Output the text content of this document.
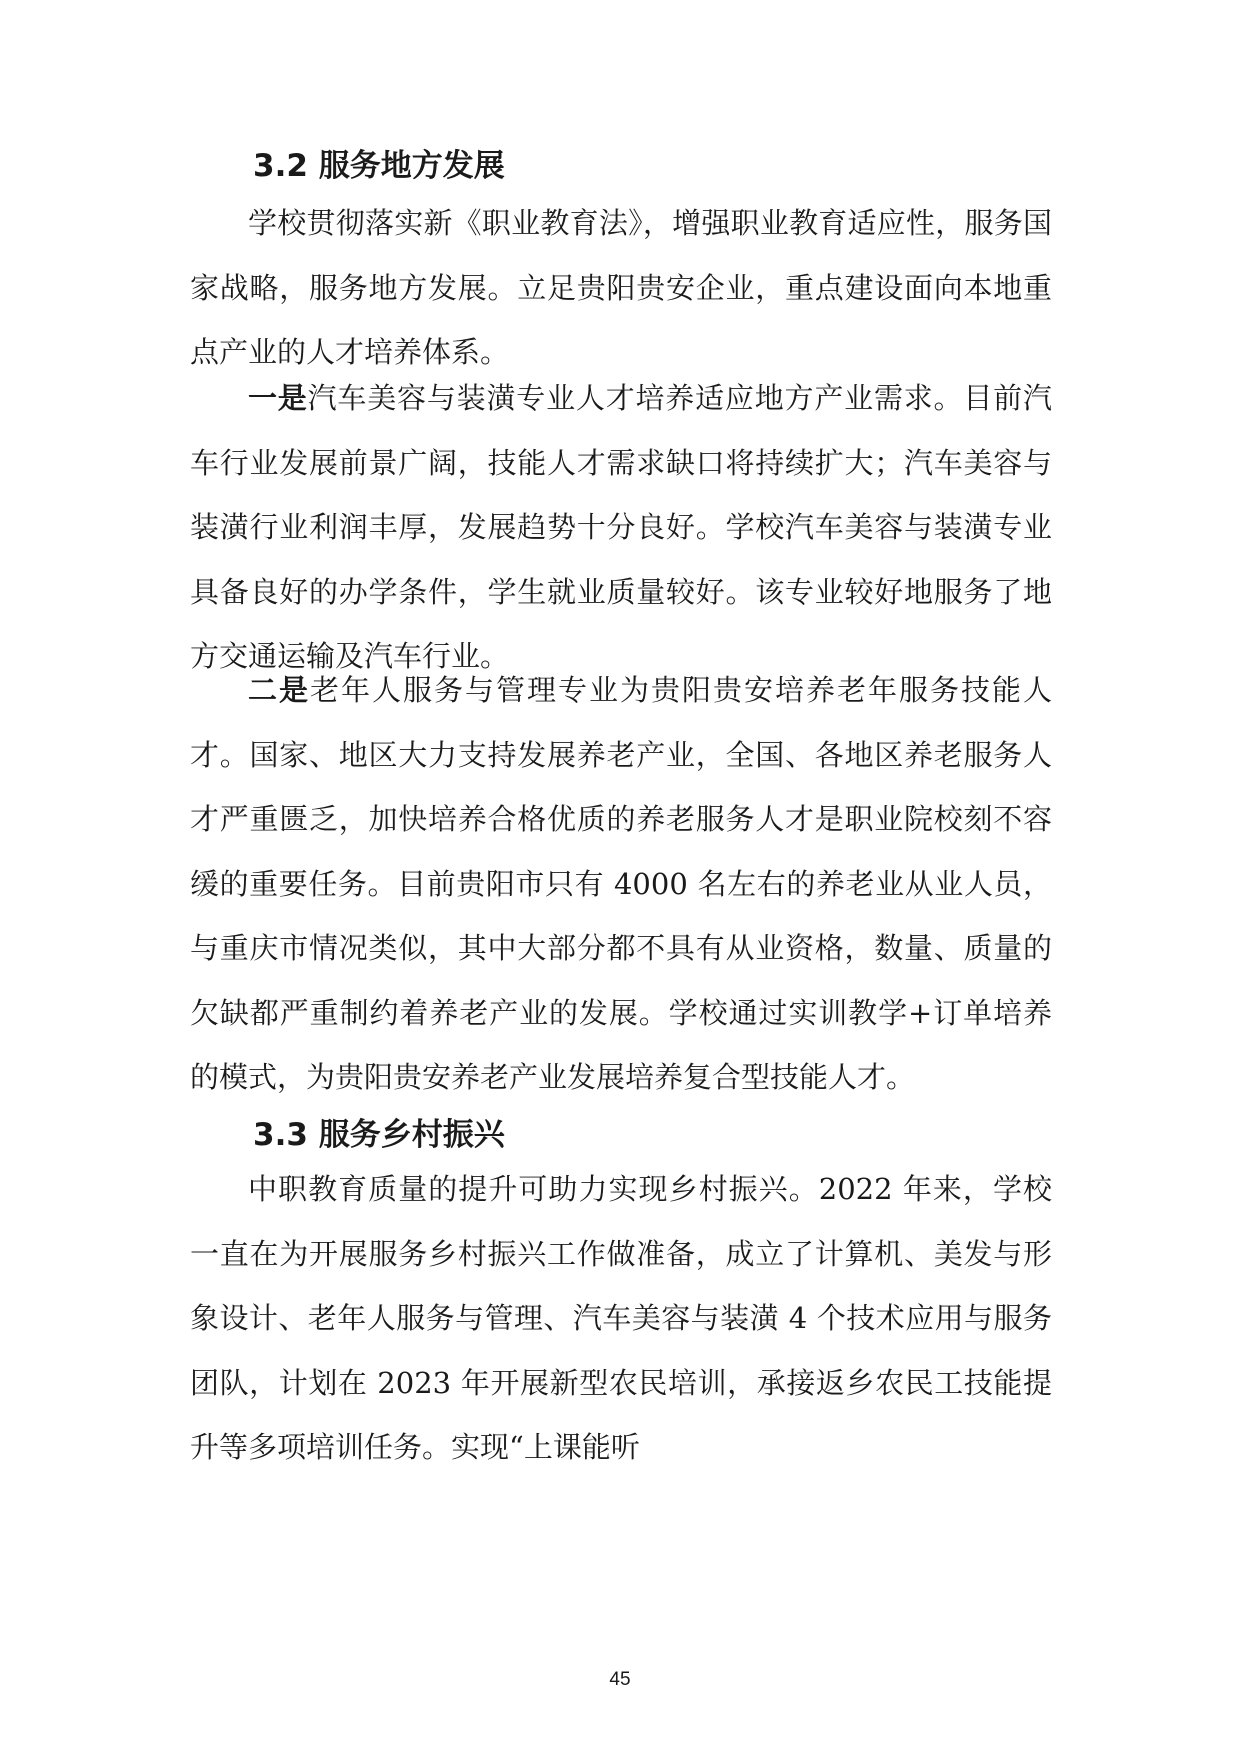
3.2 服务地方发展

学校贯彻落实新《职业教育法》，增强职业教育适应性，服务国家战略，服务地方发展。立足贵阳贵安企业，重点建设面向本地重点产业的人才培养体系。

一是汽车美容与装潢专业人才培养适应地方产业需求。目前汽车行业发展前景广阔，技能人才需求缺口将持续扩大；汽车美容与装潢行业利润丰厚，发展趋势十分良好。学校汽车美容与装潢专业具备良好的办学条件，学生就业质量较好。该专业较好地服务了地方交通运输及汽车行业。

二是老年人服务与管理专业为贵阳贵安培养老年服务技能人才。国家、地区大力支持发展养老产业，全国、各地区养老服务人才严重匮乏，加快培养合格优质的养老服务人才是职业院校刻不容缓的重要任务。目前贵阳市只有 4000 名左右的养老业从业人员，与重庆市情况类似，其中大部分都不具有从业资格，数量、质量的欠缺都严重制约着养老产业的发展。学校通过实训教学+订单培养的模式，为贵阳贵安养老产业发展培养复合型技能人才。

3.3 服务乡村振兴

中职教育质量的提升可助力实现乡村振兴。2022 年来，学校一直在为开展服务乡村振兴工作做准备，成立了计算机、美发与形象设计、老年人服务与管理、汽车美容与装潢 4 个技术应用与服务团队，计划在 2023 年开展新型农民培训，承接返乡农民工技能提升等多项培训任务。实现“上课能听

45
